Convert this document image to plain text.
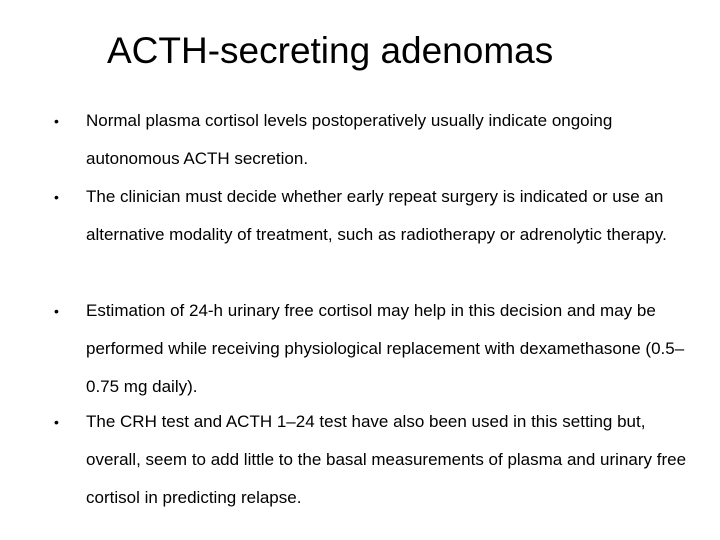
ACTH-secreting adenomas
• Normal plasma cortisol levels postoperatively usually indicate ongoing autonomous ACTH secretion.

• The clinician must decide whether early repeat surgery is indicated or use an alternative modality of treatment, such as radiotherapy or adrenolytic therapy.

• Estimation of 24-h urinary free cortisol may help in this decision and may be performed while receiving physiological replacement with dexamethasone (0.5–0.75 mg daily).

• The CRH test and ACTH 1–24 test have also been used in this setting but, overall, seem to add little to the basal measurements of plasma and urinary free cortisol in predicting relapse.
